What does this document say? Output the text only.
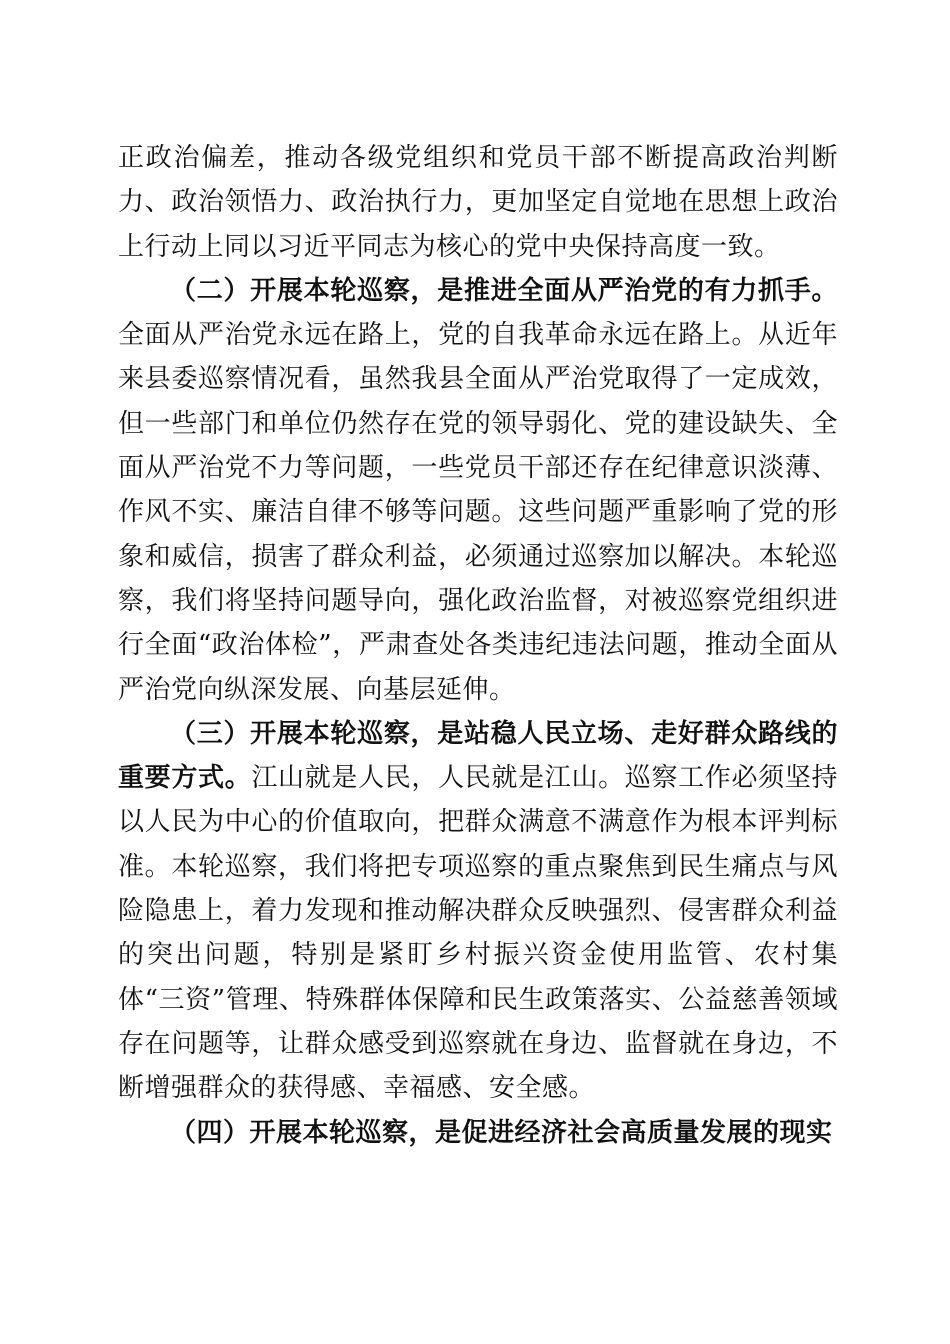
正政治偏差，推动各级党组织和党员干部不断提高政治判断力、政治领悟力、政治执行力，更加坚定自觉地在思想上政治上行动上同以习近平同志为核心的党中央保持高度一致。

（二）开展本轮巡察，是推进全面从严治党的有力抓手。全面从严治党永远在路上，党的自我革命永远在路上。从近年来县委巡察情况看，虽然我县全面从严治党取得了一定成效，但一些部门和单位仍然存在党的领导弱化、党的建设缺失、全面从严治党不力等问题，一些党员干部还存在纪律意识淡薄、作风不实、廉洁自律不够等问题。这些问题严重影响了党的形象和威信，损害了群众利益，必须通过巡察加以解决。本轮巡察，我们将坚持问题导向，强化政治监督，对被巡察党组织进行全面“政治体检”，严肃查处各类违纪违法问题，推动全面从严治党向纵深发展、向基层延伸。

（三）开展本轮巡察，是站稳人民立场、走好群众路线的重要方式。江山就是人民，人民就是江山。巡察工作必须坚持以人民为中心的价值取向，把群众满意不满意作为根本评判标准。本轮巡察，我们将把专项巡察的重点聚焦到民生痛点与风险隐患上，着力发现和推动解决群众反映强烈、侵害群众利益的突出问题，特别是紧盯乡村振兴资金使用监管、农村集体“三资”管理、特殊群体保障和民生政策落实、公益慈善领域存在问题等，让群众感受到巡察就在身边、监督就在身边，不断增强群众的获得感、幸福感、安全感。

（四）开展本轮巡察，是促进经济社会高质量发展的现实
